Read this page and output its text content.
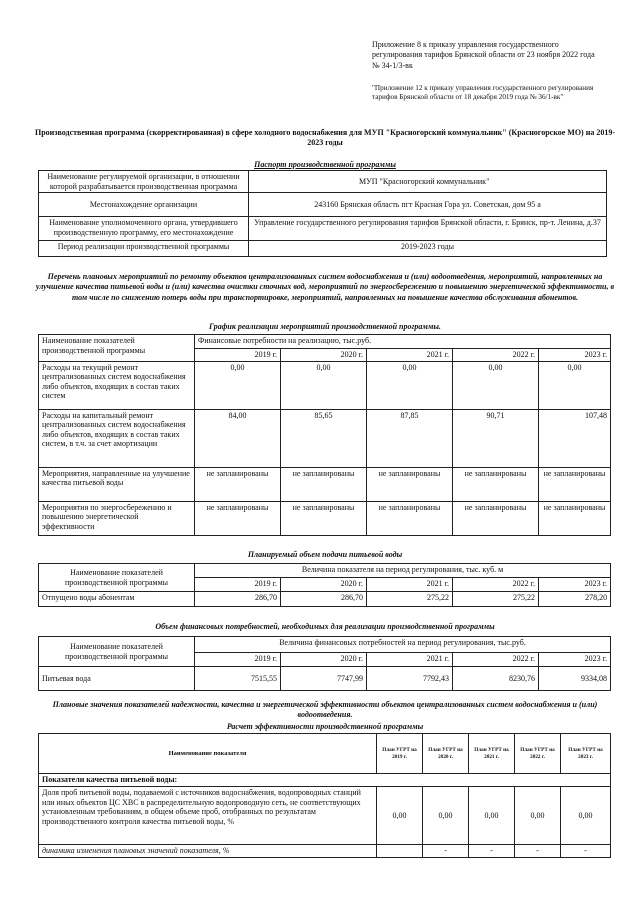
Приложение 8 к приказу управления государственного регулирования тарифов Брянской области от 23 ноября 2022 года № 34-1/3-вк
"Приложение 12 к приказу управления государственного регулирования тарифов Брянской области от 18 декабря 2019 года № 36/1-вк"
Производственная программа (скорректированная) в сфере холодного водоснабжения для МУП "Красногорский коммунальник" (Красногорское МО) на 2019-2023 годы
Паспорт производственной программы
Наименование регулируемой организации, в отношении которой разрабатывается производственная программа	МУП "Красногорский коммунальник"
Местонахождение организации	243160 Брянская область пгт Красная Гора ул. Советская, дом 95 а
Наименование уполномоченного органа, утвердившего производственную программу, его местонахождение	Управление государственного регулирования тарифов Брянской области, г. Брянск, пр-т. Ленина, д.37
Период реализации производственной программы	2019-2023 годы
Перечень плановых мероприятий по ремонту объектов централизованных систем водоснабжения и (или) водоотведения, мероприятий, направленных на улучшение качества питьевой воды и (или) качества очистки сточных вод, мероприятий по энергосбережению и повышению энергетической эффективности, в том числе по снижению потерь воды при транспортировке, мероприятий, направленных на повышение качества обслуживания абонентов.
График реализации мероприятий производственной программы.
Наименование показателей производственной программы	Финансовые потребности на реализацию, тыс.руб.				
	2019 г.	2020 г.	2021 г.	2022 г.	2023 г.
Расходы на текущий ремонт централизованных систем водоснабжения либо объектов, входящих в состав таких систем	0,00	0,00	0,00	0,00	0,00
Расходы на капитальный ремонт централизованных систем водоснабжения либо объектов, входящих в состав таких систем, в т.ч. за счет амортизации	84,00	85,65	87,85	90,71	107,48
Мероприятия, направленные на улучшение качества питьевой воды	не запланированы	не запланированы	не запланированы	не запланированы	не запланированы
Мероприятия по энергосбережению и повышению энергетической эффективности	не запланированы	не запланированы	не запланированы	не запланированы	не запланированы
Планируемый объем подачи питьевой воды
Наименование показателей производственной программы	Величина показателя на период регулирования, тыс. куб. м				
	2019 г.	2020 г.	2021 г.	2022 г.	2023 г.
Отпущено воды абонентам	286,70	286,70	275,22	275,22	278,20
Объем финансовых потребностей, необходимых для реализации производственной программы
Наименование показателей производственной программы	Величина финансовых потребностей на период регулирования, тыс.руб.				
	2019 г.	2020 г.	2021 г.	2022 г.	2023 г.
Питьевая вода	7515,55	7747,99	7792,43	8230,76	9334,08
Плановые значения показателей надежности, качества и энергетической эффективности объектов централизованных систем водоснабжения и (или) водоотведения.
Расчет эффективности производственной программы
Наименование показателя	План УГРТ на 2019 г.	План УГРТ на 2020 г.	План УГРТ на 2021 г.	План УГРТ на 2022 г.	План УГРТ на 2023 г.
Показатели качества питьевой воды:					
Доля проб питьевой воды, подаваемой с источников водоснабжения, водопроводных станций или иных объектов ЦС ХВС в распределительную водопроводную сеть, не соответствующих установленным требованиям, в общем объеме проб, отобранных по результатам производственного контроля качества питьевой воды, %	0,00	0,00	0,00	0,00	0,00
динамика изменения плановых значений показателя, %		-	-	-	-
